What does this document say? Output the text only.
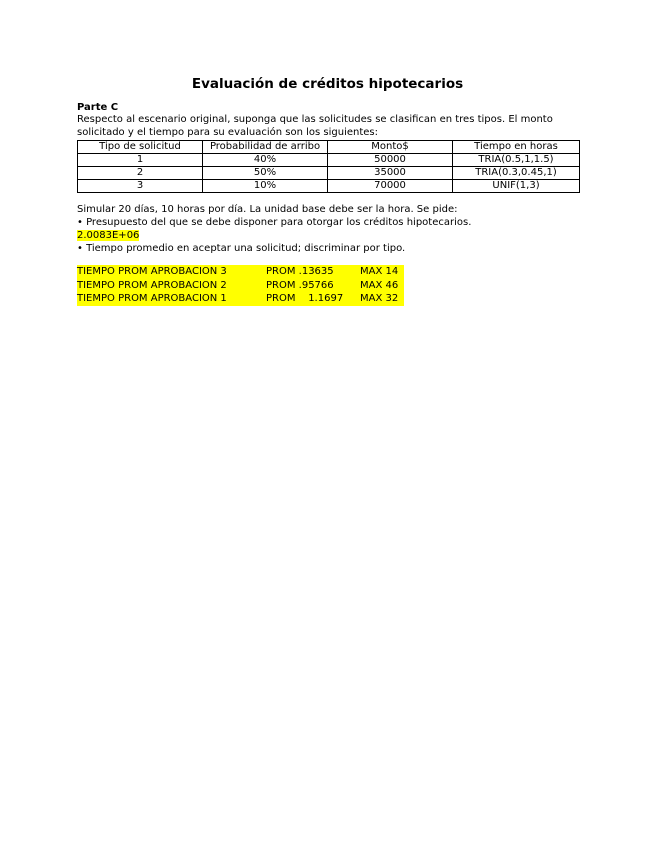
Evaluación de créditos hipotecarios
Parte C
Respecto al escenario original, suponga que las solicitudes se clasifican en tres tipos. El monto solicitado y el tiempo para su evaluación son los siguientes:
Tipo de solicitud	Probabilidad de arribo	Monto$	Tiempo en horas
1	40%	50000	TRIA(0.5,1,1.5)
2	50%	35000	TRIA(0.3,0.45,1)
3	10%	70000	UNIF(1,3)
Simular 20 días, 10 horas por día. La unidad base debe ser la hora. Se pide:
• Presupuesto del que se debe disponer para otorgar los créditos hipotecarios.
2.0083E+06
• Tiempo promedio en aceptar una solicitud; discriminar por tipo.
TIEMPO PROM APROBACION 3	PROM .13635	MAX 14
TIEMPO PROM APROBACION 2	PROM .95766	MAX 46
TIEMPO PROM APROBACION 1	PROM    1.1697	MAX 32
